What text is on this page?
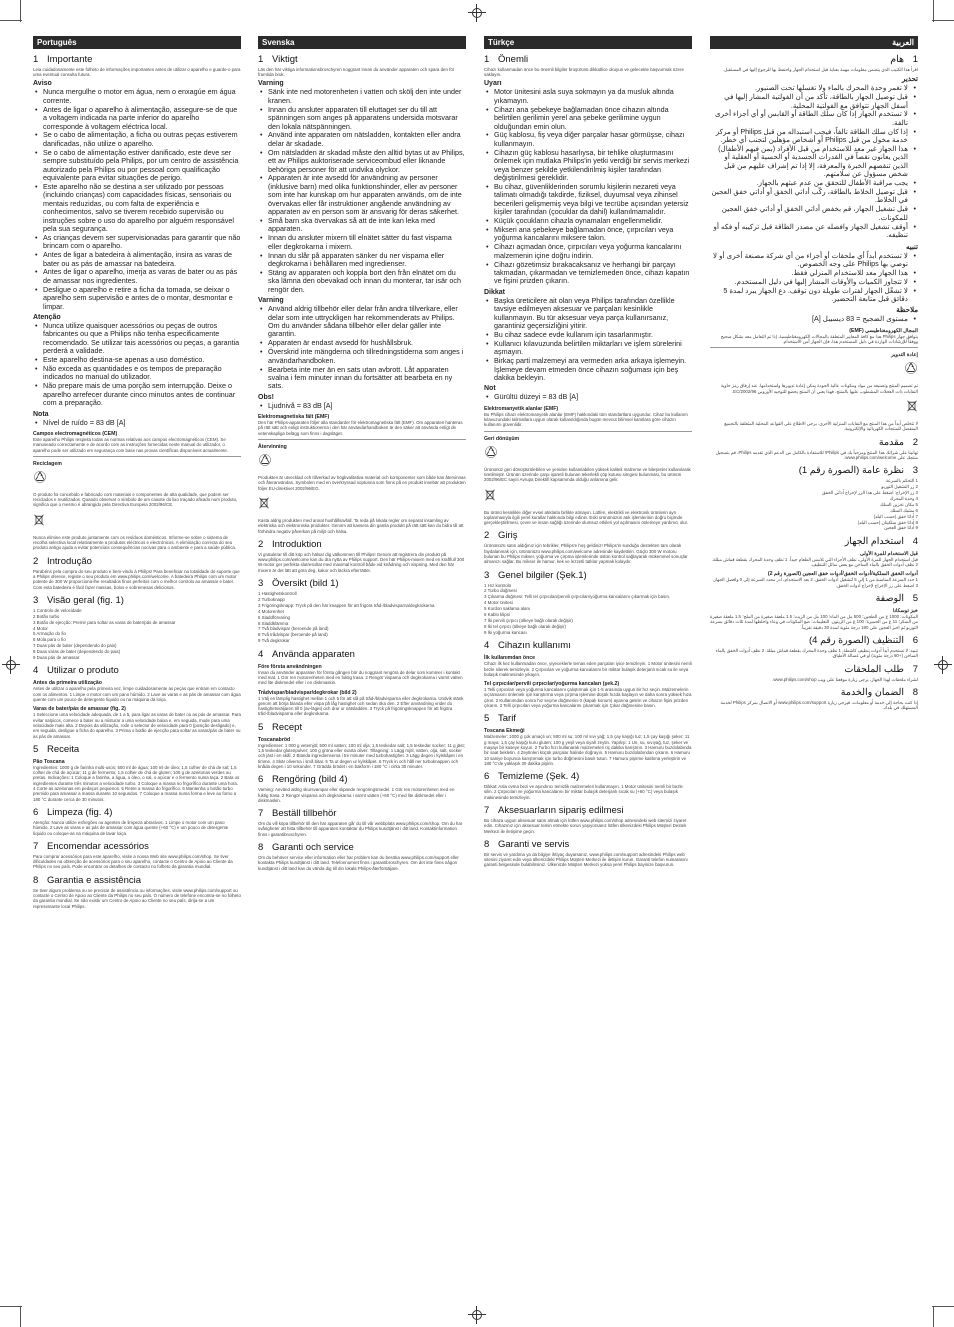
Português
1 Importante
Leia cuidadosamente este folheto de informações importantes antes de utilizar o aparelho e guarde-o para uma eventual consulta futura.
Aviso
• Nunca mergulhe o motor em água, nem o enxagúe em água corrente.
• Antes de ligar o aparelho à alimentação, assegure-se de que a voltagem indicada na parte inferior do aparelho corresponde à voltagem eléctrica local.
• Se o cabo de alimentação, a ficha ou outras peças estiverem danificadas, não utilize o aparelho.
• Se o cabo de alimentação estiver danificado, este deve ser sempre substituído pela Philips, por um centro de assistência autorizado pela Philips ou por pessoal com qualificação equivalente para evitar situações de perigo.
• Este aparelho não se destina a ser utilizado por pessoas (incluindo crianças) com capacidades físicas, sensoriais ou mentais reduzidas, ou com falta de experiência e conhecimentos, salvo se tiverem recebido supervisão ou instruções sobre o uso do aparelho por alguém responsável pela sua segurança.
• As crianças devem ser supervisionadas para garantir que não brincam com o aparelho.
• Antes de ligar a batedeira à alimentação, insira as varas de bater ou as pás de amassar na batedeira.
• Antes de ligar o aparelho, imerja as varas de bater ou as pás de amassar nos ingredientes.
• Desligue o aparelho e retire a ficha da tomada, se deixar o aparelho sem supervisão e antes de o montar, desmontar e limpar.
Atenção
• Nunca utilize quaisquer acessórios ou peças de outros fabricantes ou que a Philips não tenha especificamente recomendado. Se utilizar tais acessórios ou peças, a garantia perderá a validade.
• Este aparelho destina-se apenas a uso doméstico.
• Não exceda as quantidades e os tempos de preparação indicados no manual do utilizador.
• Não prepare mais de uma porção sem interrupção. Deixe o aparelho arrefecer durante cinco minutos antes de continuar com a preparação.
Nota
• Nível de ruído = 83 dB [A]
Campos electromagnéticos (CEM)
Este aparelho Philips respeita todas as normas relativas aos campos electromagnéticos (CEM). Se manuseado correctamente e de acordo com as instruções fornecidas neste manual do utilizador, o aparelho pode ser utilizado em segurança com base nas provas científicas disponíveis actualmente.
Reciclagem
O produto foi concebido e fabricado com materiais e componentes de alta qualidade, que podem ser reciclados e reutilizados. Quando observar o símbolo de um caixote do lixo traçado afixado num produto, significa que o mesmo é abrangido pela Directiva Europeia 2002/96/CE.
Nunca elimine este produto juntamente com os resíduos domésticos. Informe-se sobre o sistema de recolha selectiva local relativamente a produtos eléctricos e electrónicos. A eliminação correcta do seu produto antigo ajuda a evitar potenciais consequências nocivas para o ambiente e para a saúde pública.
2 Introdução
Parabéns pela compra do seu produto e bem-vindo à Philips! Para beneficiar na totalidade do suporte que a Philips oferece, registe o seu produto em www.philips.com/welcome. A batedeira Philips com um motor potente de 300 W proporciona-lhe resultados finos perfeitos com o melhor controlo ao amassar e bater. Com esta batedeira é fácil fazer massas, bolos e sobremesas deliciosos.
3 Visão geral (fig. 1)
1 Controlo de velocidade
2 Botão turbo
3 Botão de ejecção: Premir para soltar as varas de bater/pás de amassar
4 Motor
5 Armação do fio
6 Mola para o fio
7 Duas pás de bater (dependendo do pais)
8 Duas varas de bater (dependendo do pais)
9 Duas pás de amassar
4 Utilizar o produto
Antes da primeira utilização
Antes de utilizar o aparelho pela primeira vez, limpe cuidadosamente as peças que entram em contacto com os alimentos. 1 Limpe o motor com um pano húmido. 2 Lave as varas e as pás de amassar com água quente com um pouco de detergente líquido ou na máquina da loiça.
Varas de bater/pás de amassar (fig. 2)
1 Seleccione uma velocidade adequada, de 1 a 5, para ligar as varas de bater ou as pás de amassar. Para evitar salpicos, comece a bater ou a misturar a uma velocidade baixa e, em seguida, mude para uma velocidade mais alta. 2 Depois da utilização, rode o selector de velocidade para 0 (posição desligado) e, em seguida, desligue a ficha do aparelho. 3 Prima o botão de ejecção para soltar as varas/pás de bater ou as pás de amassar.
5 Receita
Pão Toscana
Ingredientes: 1000 g de farinha multi-usos; 500 ml de água; 100 ml de óleo; 1,5 colher de chá de sal; 1,5 colher de chá de açúcar; 11 g de fermento; 1,5 colher de chá de gluten; 100 g de azeitonas verdes ou pretas. Indicações: 1 Coloque a farinha, a água, o óleo, o sal, o açúcar e o fermento numa taça. 2 Bata os ingredientes durante três minutos a velocidade turbo. 3 Coloque a massa no frigorífico durante uma hora. 4 Corte as azeitonas em pedaços pequenos. 5 Retire a massa do frigorífico. 6 Mantenha o botão turbo premido para amassar a massa durante 10 segundos. 7 Coloque a massa numa forma e leve ao forno a 180 °C durante cerca de 30 minutos.
6 Limpeza (fig. 4)
Atenção: Nunca utilize esfregões ou agentes de limpeza abrasivos. 1 Limpe o motor com um pano húmido. 2 Lave as varas e as pás de amassar com água quente (+60 °C) e um pouco de detergente líquido ou coloque-as na máquina de lavar loiça.
7 Encomendar acessórios
Para comprar acessórios para este aparelho, visite a nossa Web site www.philips.com/shop. Se tiver dificuldades na obtenção de acessórios para o seu aparelho, contacte o Centro de Apoio ao Cliente da Philips no seu país. Pode encontrar os detalhes de contacto no folheto da garantia mundial.
8 Garantia e assistência
Se tiver algum problema ou se precisar de assistência ou informações, visite www.philips.com/support ou contacte o Centro de Apoio ao Cliente da Philips no seu país. O número de telefone encontra-se no folheto da garantia mundial. Se não existir um Centro de Apoio ao Cliente no seu país, dirija-se a um representante local Philips.
Svenska
1 Viktigt
Läs den här viktiga informationsbroschyren noggrant innan du använder apparaten och spara den för framtida bruk.
Varning
• Sänk inte ned motorenheten i vatten och skölj den inte under kranen.
• Innan du ansluter apparaten till eluttaget ser du till att spänningen som anges på apparatens undersida motsvarar den lokala nätspänningen.
• Använd inte apparaten om nätsladden, kontakten eller andra delar är skadade.
• Om nätsladden är skadad måste den alltid bytas ut av Philips, ett av Philips auktoriserade serviceombud eller liknande behöriga personer för att undvika olyckor.
• Apparaten är inte avsedd för användning av personer (inklusive barn) med olika funktionshinder, eller av personer som inte har kunskap om hur apparaten används, om de inte övervakas eller får instruktioner angående användning av apparaten av en person som är ansvarig för deras säkerhet.
• Små barn ska övervakas så att de inte kan leka med apparaten.
• Innan du ansluter mixern till elnätet sätter du fast vispama eller degkrokarna i mixern.
• Innan du slår på apparaten sänker du ner vispama eller degkrokarna i behållaren med ingredienser.
• Stäng av apparaten och koppla bort den från elnätet om du ska lämna den obevakad och innan du monterar, tar isär och rengör den.
Varning
• Använd aldrig tillbehör eller delar från andra tillverkare, eller delar som inte uttryckligen har rekommenderats av Philips. Om du använder sådana tillbehör eller delar gäller inte garantin.
• Apparaten är endast avsedd för hushållsbruk.
• Överskrid inte mängderna och tillredningstiderna som anges i användarhandboken.
• Bearbeta inte mer än en sats utan avbrott. Låt apparaten svalna i fem minuter innan du fortsätter att bearbeta en ny sats.
Obs!
• Ljudnivå = 83 dB [A]
Elektromagnetiska fält (EMF)
Den här Philips-apparaten följer alla standarder för elektromagnetiska fält (EMF). Om apparaten hanteras på rätt sätt och enligt instruktionerna i den här användarhandboken är den säker att använda enligt de vetenskapliga belägg som finns i dagsläget.
Återvinning
Produkten är utvecklad och tillverkad av högkvalitativa material och komponenter som både kan återvinnas och återanvändas. Symbolen med en överkryssad soptunna som finns på en produkt innebär att produkten följer EU-direktivet 2002/96/EG.
Kasta aldrig produkten med annat hushållsavfall. Ta reda på lokala regler om separat insamling av elektriska och elektroniska produkter. Genom att kassera din gamla produkt på rätt sätt kan du bidra till att förhindra negativ påverkan på miljö och hälsa.
2 Introduktion
Vi gratulerar till ditt köp och hälsar dig välkommen till Philips! Genom att registrera din produkt på www.philips.com/welcome kan du dra nytta av Philips support. Den här Philips-mixern med en kraftfull 300 W-motor ger perfekta slutresultat med maximal kontroll både vid knådning och vispning. Med den här mixern är det lätt att göra deg, kakor och läckra efterrätter.
3 Översikt (bild 1)
1 Hastighetskontroll
2 Turboknapp
3 Frigöringsknapp: Tryck på den här knappen för att frigöra tråd-/bladvisparna/degkrokarna
4 Motorenhet
5 Sladdförvaring
6 Sladdklämma
7 Två bladvispar (beroende på land)
8 Två trådvispar (beroende på land)
9 Två degkrokar
4 Använda apparaten
Före första användningen
Innan du använder apparaten för första gången bör du noggrant rengöra de delar som kommer i kontakt med mat. 1 Gör ren motorenheten med en fuktig trasa. 2 Rengör vispama och degkrokarna i varmt vatten med lite diskmedel eller i en diskmaskin.
Trådvispar/bladvispar/degkrokar (bild 2)
1 Välj en lämplig hastighet mellan 1 och 5 för att slå på tråd-/bladvisparna eller degkrokarna. Undvik stänk genom att börja blanda eller vispa på låg hastighet och sedan öka den. 2 Efter användning vrider du hastighetsväljaren till 0 (av-läget) och drar ur nätsladden. 3 Tryck på frigöringsknappen för att frigöra tråd-/bladvisparna eller degkrokarna.
5 Recept
Toscanabröd
Ingredienser: 1 000 g vetemjöl; 500 ml vatten; 100 ml olja; 1,5 teskedar salt; 1,5 teskedar socker; 11 g jäst; 1,5 teskedar glutenpulver; 100 g gröna eller svarta oliver. Tillagning: 1 Lägg mjöl, vatten, olja, salt, socker och jäst i en skål. 2 Blanda ingredienserna i tre minuter med turbohastighet. 3 Lägg degen i kylskåpet i en timme. 4 Skär oliverna i små bitar. 5 Ta ut degen ur kylskåpet. 6 Tryck in och håll ner turboknappen och knåda degen i 10 sekunder. 7 Grädda brödet i en bakform i 180 °C i cirka 30 minuter.
6 Rengöring (bild 4)
Varning: Använd aldrig skursvampar eller slipande rengöringsmedel. 1 Gör ren motorenheten med en fuktig trasa. 2 Rengör vispama och degkrokarna i varmt vatten (+60 °C) med lite diskmedel eller i diskmaskin.
7 Beställ tillbehör
Om du vill köpa tillbehör till den här apparaten går du till vår webbplats www.philips.com/shop. Om du har svårigheter att hitta tillbehör till apparaten kontaktar du Philips kundtjänst i ditt land. Kontaktinformation finns i garantibroschyren.
8 Garanti och service
Om du behöver service eller information eller har problem kan du besöka www.philips.com/support eller kontakta Philips kundtjänst i ditt land. Telefonnumret finns i garantibroschyren. Om det inte finns någon kundtjänst i ditt land kan du vända dig till din lokala Philips-återförsäljare.
Türkçe
1 Önemli
Cihazı kullanmadan önce bu önemli bilgiler broşürünü dikkatlice okuyun ve gelecekte başvurmak üzere saklayın.
Uyarı
• Motor ünitesini asla suya sokmayın ya da musluk altında yıkamayın.
• Cihazı ana şebekeye bağlamadan önce cihazın altında belirtilen gerilimin yerel ana şebeke gerilimine uygun olduğundan emin olun.
• Güç kablosu, fiş veya diğer parçalar hasar görmüşse, cihazı kullanmayın.
• Cihazın güç kablosu hasarlıysa, bir tehlike oluşturmasını önlemek için mutlaka Philips'in yetki verdiği bir servis merkezi veya benzer şekilde yetkilendirilmiş kişiler tarafından değiştirilmesi gereklidir.
• Bu cihaz, güvenliklerinden sorumlu kişilerin nezareti veya talimatı olmadığı takdirde, fiziksel, duyumsal veya zihinsel becerileri gelişmemiş veya bilgi ve tecrübe açısından yetersiz kişiler tarafından (çocuklar da dahil) kullanılmamalıdır.
• Küçük çocukların cihazla oynamaları engellenmelidir.
• Mikseri ana şebekeye bağlamadan önce, çırpıcıları veya yoğurma kancalarını miksere takın.
• Cihazı açmadan önce, çırpıcıları veya yoğurma kancalarını malzemenin içine doğru indirin.
• Cihazı gözetimsiz bırakacaksanız ve herhangi bir parçayı takmadan, çıkarmadan ve temizlemeden önce, cihazı kapatın ve fişini prizden çıkarın.
Dikkat
• Başka üreticilere ait olan veya Philips tarafından özellikle tavsiye edilmeyen aksesuar ve parçaları kesinlikle kullanmayın. Bu tür aksesuar veya parça kullanırsanız, garantiniz geçersizliğini yitirir.
• Bu cihaz sadece evde kullanım için tasarlanmıştır.
• Kullanıcı kılavuzunda belirtilen miktarları ve işlem sürelerini aşmayın.
• Birkaç parti malzemeyi ara vermeden arka arkaya işlemeyin. İşlemeye devam etmeden önce cihazın soğuması için beş dakika bekleyin.
Not
• Gürültü düzeyi = 83 dB [A]
Elektromanyetik alanlar (EMF)
Bu Philips cihazı elektromanyetik alanlar (EMF) hakkındaki tüm standartlara uygundur. Cihaz bu kullanım kılavuzundaki talimatlara uygun olarak kullanıldığında bugün mevcut bilimsel kanıtlara göre cihazın kullanımı güvenlidir.
Geri dönüşüm
Ürününüz geri dönüştürülebilen ve yeniden kullanılabilen yüksek kaliteli malzeme ve bileşenler kullanılarak üretilmiştir. Ürünün üzerinde çarpı işaretli bulunan tekerlekli çöp kutusu simgesi bulunması, bu ürünün 2002/96/EC sayılı Avrupa Direktifi kapsamında olduğu anlamına gelir.
Bu ürünü kesinlikle diğer evsel atıklarla birlikte atmayın. Lütfen, elektrikli ve elektronik ürünlerin ayrı toplanmasıyla ilgili yerel kurallar hakkında bilgi edinin. Eski ürününüzün atık işlemlerinin doğru biçimde gerçekleştirilmesi, çevre ve insan sağlığı üzerinde olumsuz etkileri yol açılmasını önlemeye yardımcı olur.
2 Giriş
Ürününüzü satın aldığınız için tebrikler, Philips'e hoş geldiniz! Philips'in sunduğu destekten tam olarak faydalanmak için, ürününüzü www.philips.com/welcome adresinde kaydettirin. Güçlü 300 W motoru bulunan bu Philips mikser, yoğurma ve çırpma işlemlerinde üstün kontrol sağlayarak mükemmel sonuçlar almanızı sağlar. Bu mikser ile hamur, kek ve lezzetli tatlılar yapmak kolaydır.
3 Genel bilgiler (Şek.1)
1 Hız kontrolü
2 Turbo düğmesi
3 Çıkarma düğmesi: Telli tel çırpıcıları/pervili çırpıcıları/yoğurma kancalarını çıkarmak için basın.
4 Motor ünitesi
5 Kordon saklama alanı
6 Kablo klipsi
7 İki pervili çırpıcı (ülkeye bağlı olarak değişir)
8 İki tel çırpıcı (ülkeye bağlı olarak değişir)
9 İki yoğurma kancası
4 Cihazın kullanımı
İlk kullanımdan önce
Cihazı ilk kez kullanmadan önce, yiyeceklerle temas eden parçaları iyice temizleyin. 1 Motor ünitesini nemli bezle silerek temizleyin. 2 Çırpıcıları ve yoğurma kancalarını bir miktar bulaşık deterjanlı sıcak su ile veya bulaşık makinesinde yıkayın.
Tel çırpıcılar/pervili çırpıcılar/yoğurma kancaları (şek.2)
1 Telli çırpıcıları veya yoğurma kancalarını çalıştırmak için 1-5 arasında uygun bir hız seçin. Malzemelerin sıçramasını önlemek için karıştırma veya çırpma işlemine düşük hızda başlayın ve daha sonra yüksek hıza çıkın. 2 Kullanımdan sonra hız seçme düğmesini 0 (kapalı konum) ayarına getirin ve cihazın fişini prizden çıkarın. 3 Telli çırpıcıları veya yoğurma kancalarını çıkarmak için Çıkar düğmesine basın.
5 Tarif
Toscana Ekmeği
Malzemeler: 1000 g çok amaçlı un; 500 ml su; 100 ml sıvı yağ; 1,5 çay kaşığı tuz; 1,5 çay kaşığı şeker; 11 g maya; 1,5 çay kaşığı kuru gluten; 100 g yeşil veya siyah zeytin. Yapılışı: 1 Un, su, sıvıyağ, tuz, şeker ve mayayı bir kaseye koyun. 2 Turbo hızı kullanarak malzemeleri üç dakika karıştırın. 3 Hamuru buzdolabında bir saat bekletin. 4 Zeytinleri küçük parçalar halinde doğrayın. 5 Hamuru buzdolabından çıkarın. 6 Hamuru 10 saniye boyunca karıştırmak için turbo düğmesini basılı tutun. 7 Hamuru pişirme kalıbına yerleştirin ve 180 °C'de yaklaşık 30 dakika pişirin.
6 Temizleme (Şek. 4)
Dikkat: Asla ovma bezi ve aşındırıcı temizlik malzemeleri kullanmayın. 1 Motor ünitesini nemli bir bezle silin. 2 Çırpıcıları ve yoğurma kancalarını bir miktar bulaşık deterjanlı sıcak su (+60 °C) veya bulaşık makinesinde temizleyin.
7 Aksesuarların sipariş edilmesi
Bu cihaza uygun aksesuar satın almak için lütfen www.philips.com/shop adresindeki web sitemizi ziyaret edin. Cihazınız için aksesuar temin etmekte sorun yaşıyorsanız lütfen ülkenizdeki Philips Müşteri Destek Merkezi ile iletişime geçin.
8 Garanti ve servis
Bir servis ve yardıma ya da bilgiye ihtiyaç duyarsanız, www.philips.com/support adresindeki Philips web sitesini ziyaret edin veya ülkenizdeki Philips Müşteri Merkezi ile iletişim kurun. Garanti telefon numarasını garanti belgesinde bulabilirsiniz. Ülkenizde Müşteri Merkezi yoksa yerel Philips bayinize başvurun.
العربية
1هام
اقرأ هذا الكتيب الذي يتضمن معلومات مهمة بعناية قبل استخدام الجهاز واحتفظ بها للرجوع إليها في المستقبل.
تحذير
• لا تغمر وحدة المحرك بالماء ولا تغسلها تحت الصنبور.
• قبل توصيل الجهاز بالطاقة، تأكد من أن الفولتية المشار إليها في أسفل الجهاز تتوافق مع الفولتية المحلية.
• لا تستخدم الجهاز إذا كان سلك الطاقة أو القابس أو أي أجزاء أخرى تالفة.
• إذا كان سلك الطاقة تالفاً، فيجب استبداله من قبل Philips أو مركز خدمة مخول من قبل Philips أو أشخاص مؤهلين لتجنب أي خطر.
• هذا الجهاز غير معد للاستخدام من قبل الأفراد (بمن فيهم الأطفال) الذين يعانون نقصاً في القدرات الجسدية أو الحسية أو العقلية أو الذين تنقصهم الخبرة والمعرفة، إلا إذا تم إشراف عليهم من قبل شخص مسؤول عن سلامتهم.
• يجب مراقبة الأطفال للتحقق من عدم عبثهم بالجهاز.
• قبل توصيل الخلاط بالطاقة، ركّب أداتي الخفق أو أداتي خفق العجين في الخلاط.
• قبل تشغيل الجهاز، قم بخفض أداتي الخفق أو أداتي خفق العجين للمكونات.
• أوقف تشغيل الجهاز وافصله عن مصدر الطاقة قبل تركيبه أو فكه أو تنظيفه.
تنبيه
• لا تستخدم أبداً أي ملحقات أو أجزاء من أي شركة مصنعة أخرى أو لا توصي بها Philips على وجه الخصوص.
• هذا الجهاز معد للاستخدام المنزلي فقط.
• لا تتجاوز الكميات والأوقات المشار إليها في دليل المستخدم.
• لا تشغّل الجهاز لفترات طويلة دون توقف. دع الجهاز يبرد لمدة 5 دقائق قبل متابعة التحضير.
ملاحظة
• مستوى الضجيج = 83 ديسيبل [A]
المجال الكهرومغناطيسي (EMF)
يتوافق جهاز Philips هذا مع كافة المعايير المتعلقة بالمجالات الكهرومغناطيسية. إذا تم التعامل معه بشكل صحيح ووفقاً للإرشادات الواردة في دليل المستخدم هذا، فإن الجهاز آمن الاستخدام.
إعادة التدوير
تم تصميم المنتج وتصنيعه من مواد ومكونات عالية الجودة يمكن إعادة تدويرها واستخدامها. عند إرفاق رمز حاوية النفايات ذات العجلات المشطوب عليها بالمنتج، فهذا يعني أن المنتج يخضع للتوجيه الأوروبي 2002/96/EC.
لا تتخلص أبداً من هذا المنتج مع النفايات المنزلية الأخرى. يرجى الاطلاع على القواعد المحلية المتعلقة بالتجميع المنفصل للمنتجات الكهربائية والإلكترونية.
2مقدمة
تهانينا على شرائك هذا المنتج ومرحباً بك في Philips! للاستفادة بالكامل من الدعم الذي تقدمه Philips، قم بتسجيل منتجك على www.philips.com/welcome.
3نظرة عامة (الصورة رقم 1)
1 التحكم بالسرعة
2 زر التشغيل التوربو
3 زر الإخراج: اضغط على هذا الزر لإخراج أداتي الخفق
4 وحدة المحرك
5 مكان تخزين السلك
6 مشبك السلك
7 أداتا خفق (حسب البلد)
8 أداتا خفق سلكيتان (حسب البلد)
9 أداتا خفق العجين
4استخدام الجهاز
قبل الاستخدام للمرة الأولى
قبل استخدام الجهاز للمرة الأولى، نظف الأجزاء التي تلامس الطعام جيداً. 1 نظف وحدة المحرك بقطعة قماش مبللة. 2 نظف أدوات الخفق بالماء الساخن مع بعض سائل التنظيف.
أدوات الخفق السلكية/أدوات الخفق/أدوات خفق العجين (الصورة رقم 2)
1 حدد السرعة المناسبة من 1 إلى 5 لتشغيل أدوات الخفق. 2 بعد الاستخدام، أدر محدد السرعة إلى 0 وافصل الجهاز. 3 اضغط على زر الإخراج لإخراج أدوات الخفق.
5الوصفة
خبز توسكانا
المكونات: 1000 غ من الطحين؛ 500 مل من الماء؛ 100 مل من الزيت؛ 1.5 ملعقة صغيرة من الملح؛ 1.5 ملعقة صغيرة من السكر؛ 11 غ من الخميرة؛ 100 غ من الزيتون. التعليمات: ضع المكونات في وعاء واخلطها لمدة ثلاث دقائق بسرعة التوربو ثم اخبز العجين على 180 درجة مئوية لمدة 30 دقيقة تقريباً.
6التنظيف (الصورة رقم 4)
تنبيه: لا تستخدم أبداً أدوات تنظيف كاشطة. 1 نظف وحدة المحرك بقطعة قماش مبللة. 2 نظف أدوات الخفق بالماء الساخن (+60 درجة مئوية) أو في غسالة الأطباق.
7طلب الملحقات
لشراء ملحقات لهذا الجهاز، يرجى زيارة موقعنا على ويب www.philips.com/shop.
8الضمان والخدمة
إذا كنت بحاجة إلى خدمة أو معلومات، فيرجى زيارة www.philips.com/support أو الاتصال بمركز Philips لخدمة المستهلك في بلدك.
